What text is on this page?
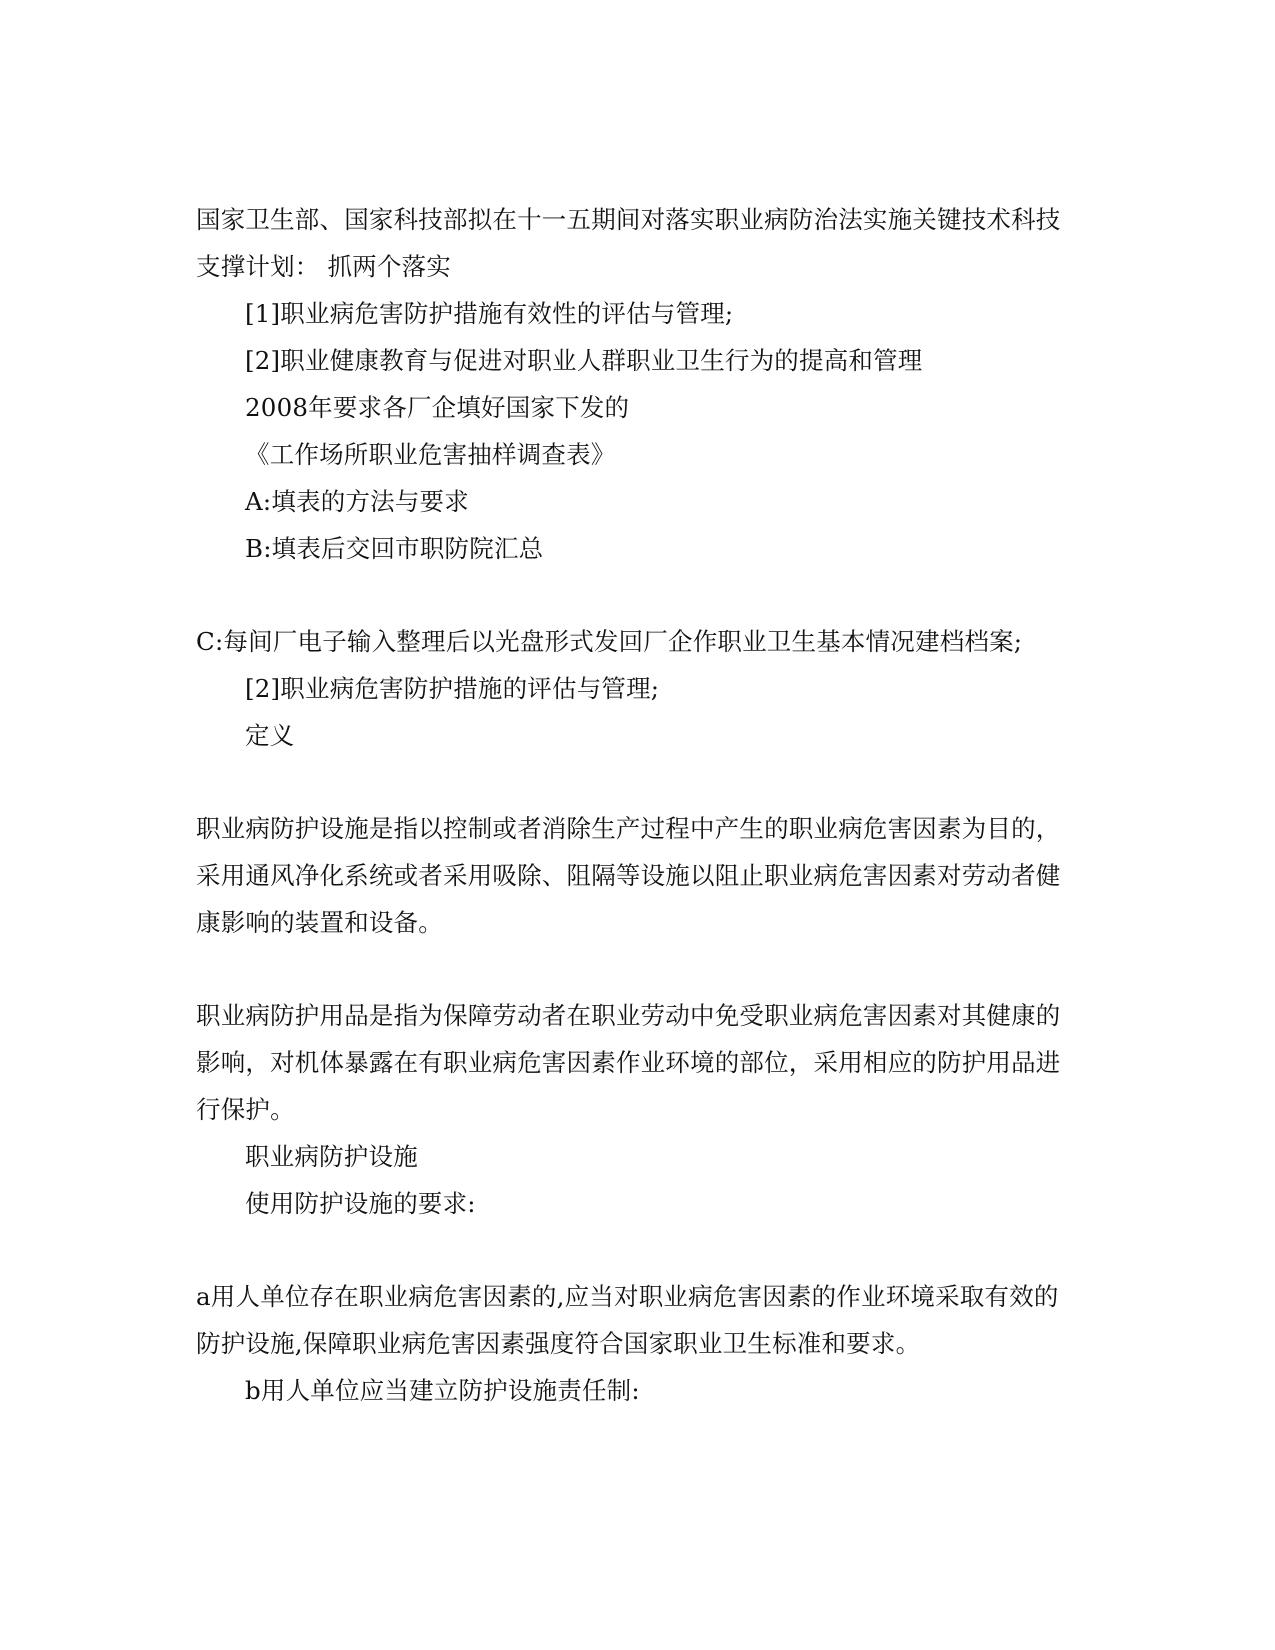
国家卫生部、国家科技部拟在十一五期间对落实职业病防治法实施关键技术科技
支撑计划： 抓两个落实
[1]职业病危害防护措施有效性的评估与管理;
[2]职业健康教育与促进对职业人群职业卫生行为的提高和管理
2008年要求各厂企填好国家下发的
《工作场所职业危害抽样调查表》
A:填表的方法与要求
B:填表后交回市职防院汇总
C:每间厂电子输入整理后以光盘形式发回厂企作职业卫生基本情况建档档案;
[2]职业病危害防护措施的评估与管理;
定义
职业病防护设施是指以控制或者消除生产过程中产生的职业病危害因素为目的，
采用通风净化系统或者采用吸除、阻隔等设施以阻止职业病危害因素对劳动者健
康影响的装置和设备。
职业病防护用品是指为保障劳动者在职业劳动中免受职业病危害因素对其健康的
影响，对机体暴露在有职业病危害因素作业环境的部位，采用相应的防护用品进
行保护。
职业病防护设施
使用防护设施的要求:
a用人单位存在职业病危害因素的,应当对职业病危害因素的作业环境采取有效的
防护设施,保障职业病危害因素强度符合国家职业卫生标准和要求。
b用人单位应当建立防护设施责任制:
